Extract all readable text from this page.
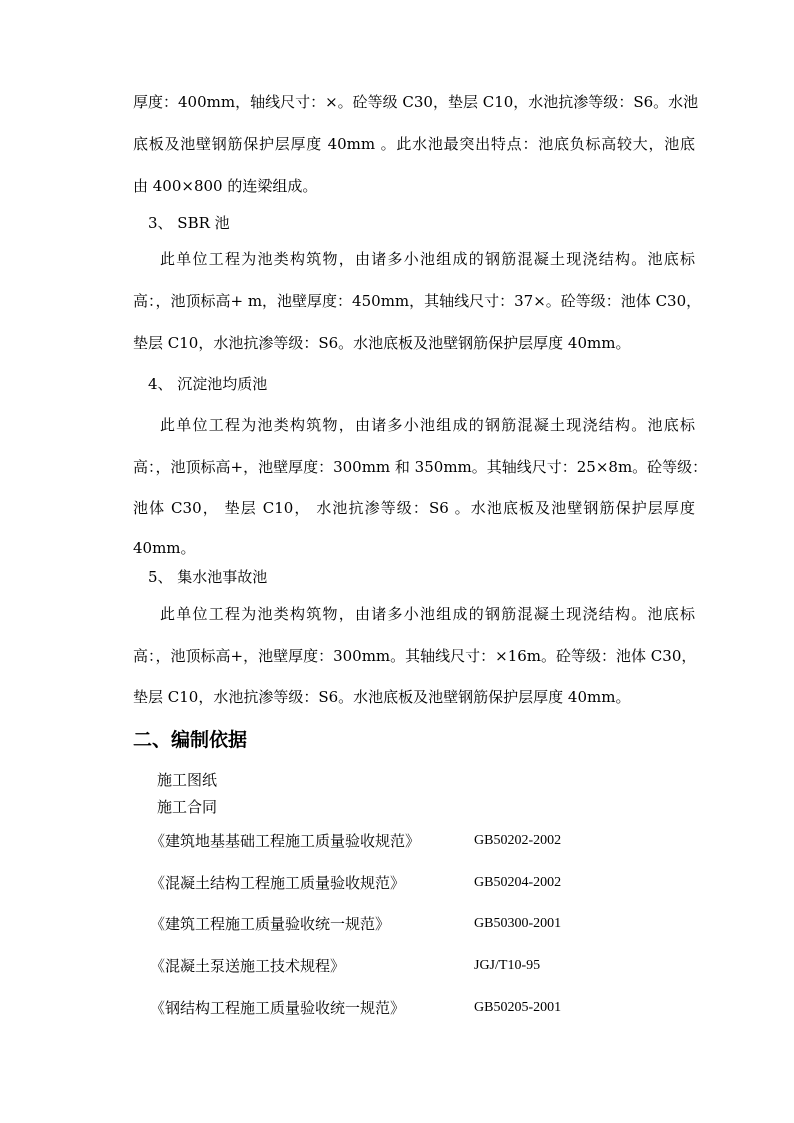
厚度：400mm，轴线尺寸：×。砼等级 C30，垫层 C10，水池抗渗等级：S6。水池
底板及池壁钢筋保护层厚度 40mm 。此水池最突出特点：池底负标高较大，池底
由 400×800 的连梁组成。
3、 SBR 池
此单位工程为池类构筑物，由诸多小池组成的钢筋混凝土现浇结构。池底标
高：，池顶标高+ m，池壁厚度：450mm，其轴线尺寸：37×。砼等级：池体 C30，
垫层 C10，水池抗渗等级：S6。水池底板及池壁钢筋保护层厚度 40mm。
4、 沉淀池均质池
此单位工程为池类构筑物，由诸多小池组成的钢筋混凝土现浇结构。池底标
高：，池顶标高+，池壁厚度：300mm 和 350mm。其轴线尺寸：25×8m。砼等级：
池体 C30， 垫层 C10， 水池抗渗等级：S6 。水池底板及池壁钢筋保护层厚度
40mm。
5、 集水池事故池
此单位工程为池类构筑物，由诸多小池组成的钢筋混凝土现浇结构。池底标
高：，池顶标高+，池壁厚度：300mm。其轴线尺寸：×16m。砼等级：池体 C30，
垫层 C10，水池抗渗等级：S6。水池底板及池壁钢筋保护层厚度 40mm。
二、编制依据
施工图纸
施工合同
《建筑地基基础工程施工质量验收规范》	GB50202-2002
《混凝土结构工程施工质量验收规范》	GB50204-2002
《建筑工程施工质量验收统一规范》	GB50300-2001
《混凝土泵送施工技术规程》	JGJ/T10-95
《钢结构工程施工质量验收统一规范》	GB50205-2001
